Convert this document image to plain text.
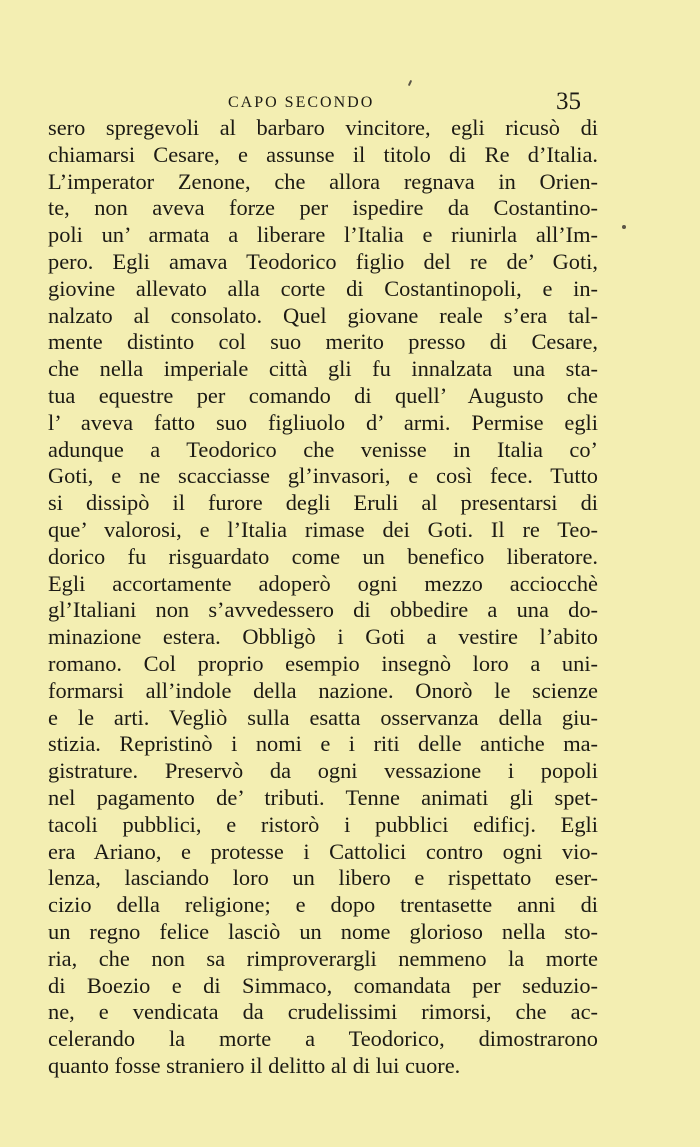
CAPO SECONDO	35
sero spregevoli al barbaro vincitore, egli ricusò di
chiamarsi Cesare, e assunse il titolo di Re d’Italia.
L’imperator Zenone, che allora regnava in Orien-
te, non aveva forze per ispedire da Costantino-
poli un’ armata a liberare l’Italia e riunirla all’Im-
pero. Egli amava Teodorico figlio del re de’ Goti,
giovine allevato alla corte di Costantinopoli, e in-
nalzato al consolato. Quel giovane reale s’era tal-
mente distinto col suo merito presso di Cesare,
che nella imperiale città gli fu innalzata una sta-
tua equestre per comando di quell’ Augusto che
l’ aveva fatto suo figliuolo d’ armi. Permise egli
adunque a Teodorico che venisse in Italia co’
Goti, e ne scacciasse gl’invasori, e così fece. Tutto
si dissipò il furore degli Eruli al presentarsi di
que’ valorosi, e l’Italia rimase dei Goti. Il re Teo-
dorico fu risguardato come un benefico liberatore.
Egli accortamente adoperò ogni mezzo acciocchè
gl’Italiani non s’avvedessero di obbedire a una do-
minazione estera. Obbligò i Goti a vestire l’abito
romano. Col proprio esempio insegnò loro a uni-
formarsi all’indole della nazione. Onorò le scienze
e le arti. Vegliò sulla esatta osservanza della giu-
stizia. Repristinò i nomi e i riti delle antiche ma-
gistrature. Preservò da ogni vessazione i popoli
nel pagamento de’ tributi. Tenne animati gli spet-
tacoli pubblici, e ristorò i pubblici edificj. Egli
era Ariano, e protesse i Cattolici contro ogni vio-
lenza, lasciando loro un libero e rispettato eser-
cizio della religione; e dopo trentasette anni di
un regno felice lasciò un nome glorioso nella sto-
ria, che non sa rimproverargli nemmeno la morte
di Boezio e di Simmaco, comandata per seduzio-
ne, e vendicata da crudelissimi rimorsi, che ac-
celerando la morte a Teodorico, dimostrarono
quanto fosse straniero il delitto al di lui cuore.
